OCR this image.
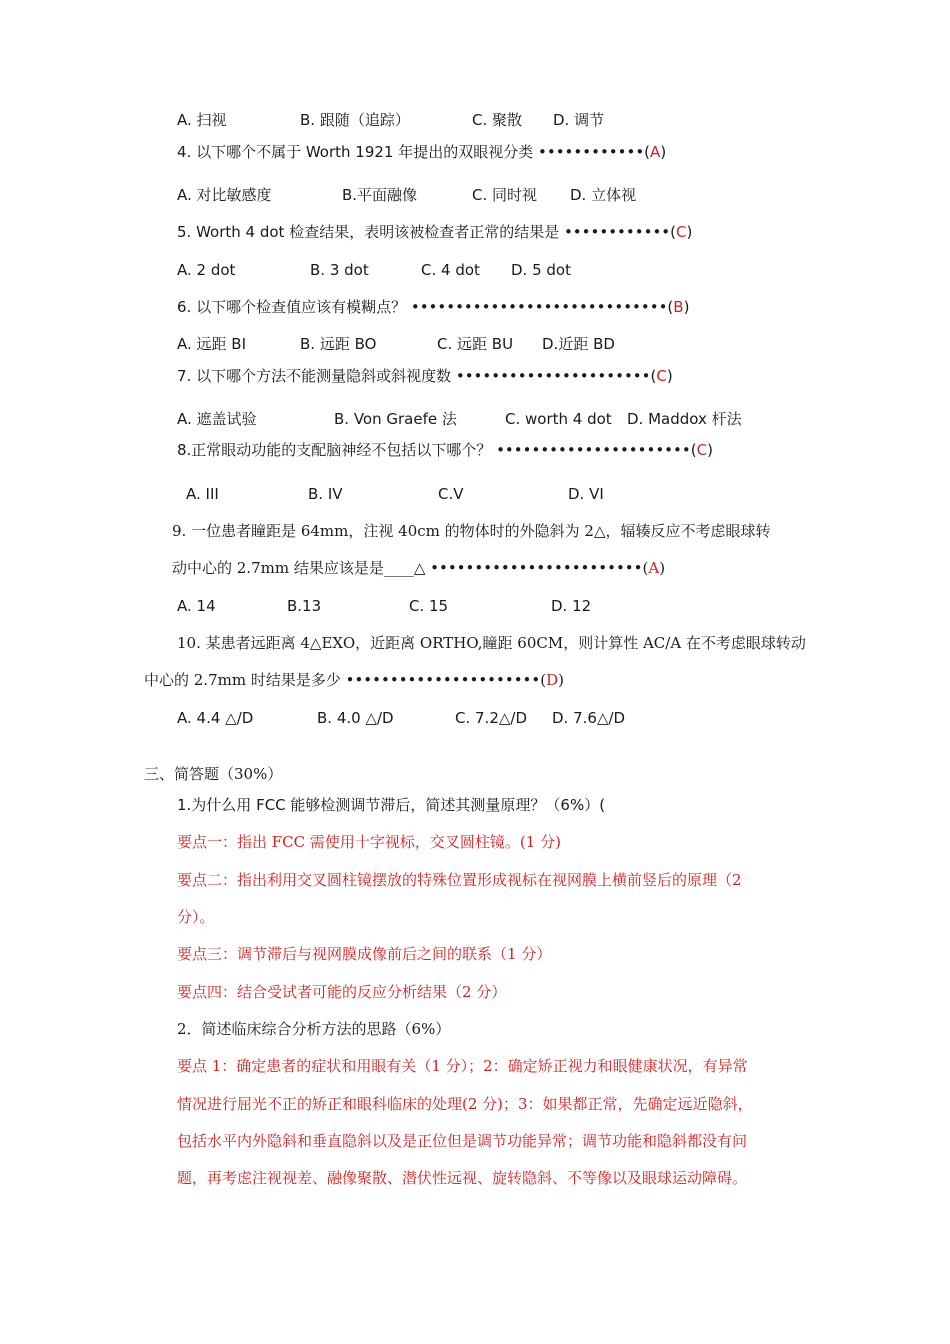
A. 扫视	B. 跟随（追踪）	C. 聚散 D. 调节
4. 以下哪个不属于 Worth 1921 年提出的双眼视分类 ••••••••••••(A)
A. 对比敏感度	B.平面融像	C. 同时视 D. 立体视
5. Worth 4 dot 检查结果，表明该被检查者正常的结果是 ••••••••••••(C)
A. 2 dot	B. 3 dot	C. 4 dot D. 5 dot
6. 以下哪个检查值应该有模糊点？ •••••••••••••••••••••••••••••(B)
A. 远距 BI	B. 远距 BO	C. 远距 BU D.近距 BD
7. 以下哪个方法不能测量隐斜或斜视度数 ••••••••••••••••••••••(C)
A. 遮盖试验	B. Von Graefe 法	C. worth 4 dot D. Maddox 杆法
8.正常眼动功能的支配脑神经不包括以下哪个？ ••••••••••••••••••••••(C)
A. III	B. IV	C.V	D. VI
9. 一位患者瞳距是 64mm，注视 40cm 的物体时的外隐斜为 2△，辐辏反应不考虑眼球转
动中心的 2.7mm 结果应该是是____△ ••••••••••••••••••••••••(A)
A. 14	B.13	C. 15	D. 12
10. 某患者远距离 4△EXO，近距离 ORTHO,瞳距 60CM，则计算性 AC/A 在不考虑眼球转动
中心的 2.7mm 时结果是多少 ••••••••••••••••••••••(D)
A. 4.4 △/D	B. 4.0 △/D	C. 7.2△/D D. 7.6△/D
三、简答题（30%）
1.为什么用 FCC 能够检测调节滞后，简述其测量原理？（6%）(
要点一：指出 FCC 需使用十字视标，交叉圆柱镜。(1 分)
要点二：指出利用交叉圆柱镜摆放的特殊位置形成视标在视网膜上横前竖后的原理（2
分）。
要点三：调节滞后与视网膜成像前后之间的联系（1 分）
要点四：结合受试者可能的反应分析结果（2 分）
2．简述临床综合分析方法的思路（6%）
要点 1：确定患者的症状和用眼有关（1 分）；2：确定矫正视力和眼健康状况，有异常
情况进行屈光不正的矫正和眼科临床的处理(2 分)；3：如果都正常，先确定远近隐斜，
包括水平内外隐斜和垂直隐斜以及是正位但是调节功能异常；调节功能和隐斜都没有问
题，再考虑注视视差、融像聚散、潜伏性远视、旋转隐斜、不等像以及眼球运动障碍。
